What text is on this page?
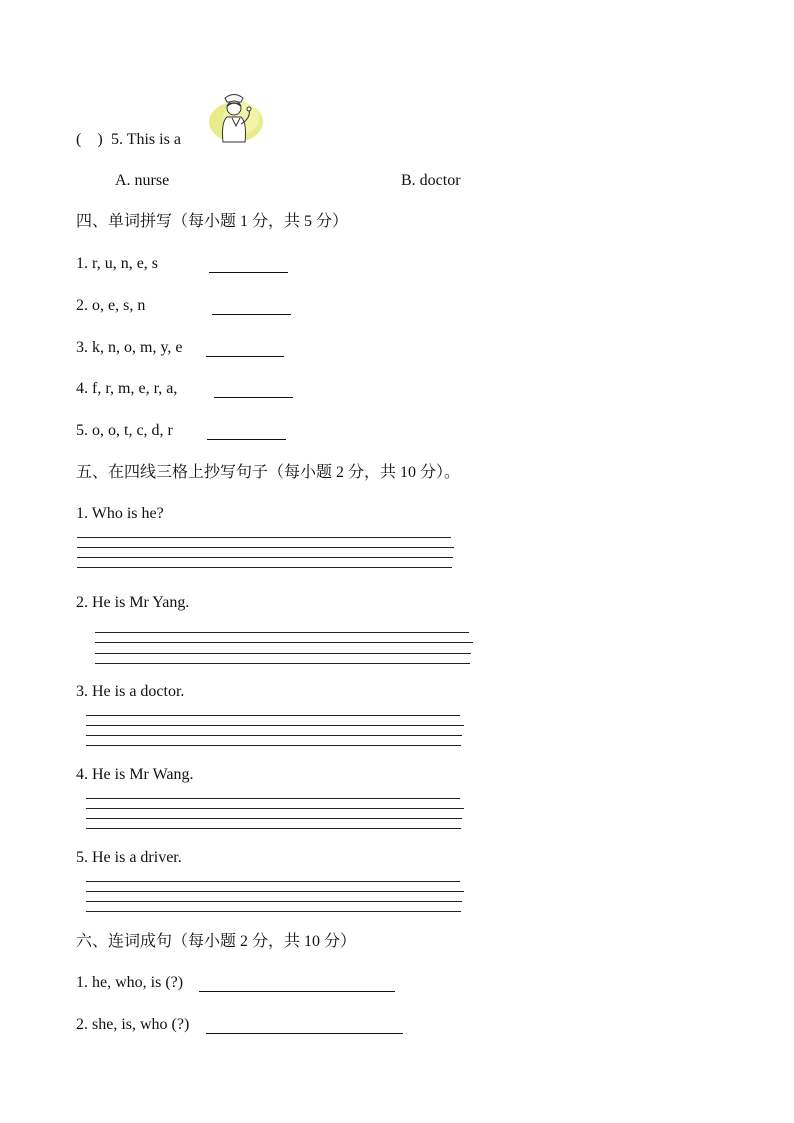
(    ) 5. This is a
A. nurse	B. doctor
四、单词拼写（每小题 1 分，共 5 分）
1. r, u, n, e, s
2. o, e, s, n
3. k, n, o, m, y, e
4. f, r, m, e, r, a,
5. o, o, t, c, d, r
五、在四线三格上抄写句子（每小题 2 分，共 10 分）。
1. Who is he?
2. He is Mr Yang.
3. He is a doctor.
4. He is Mr Wang.
5. He is a driver.
六、连词成句（每小题 2 分，共 10 分）
1. he, who, is (?)
2. she, is, who (?)
